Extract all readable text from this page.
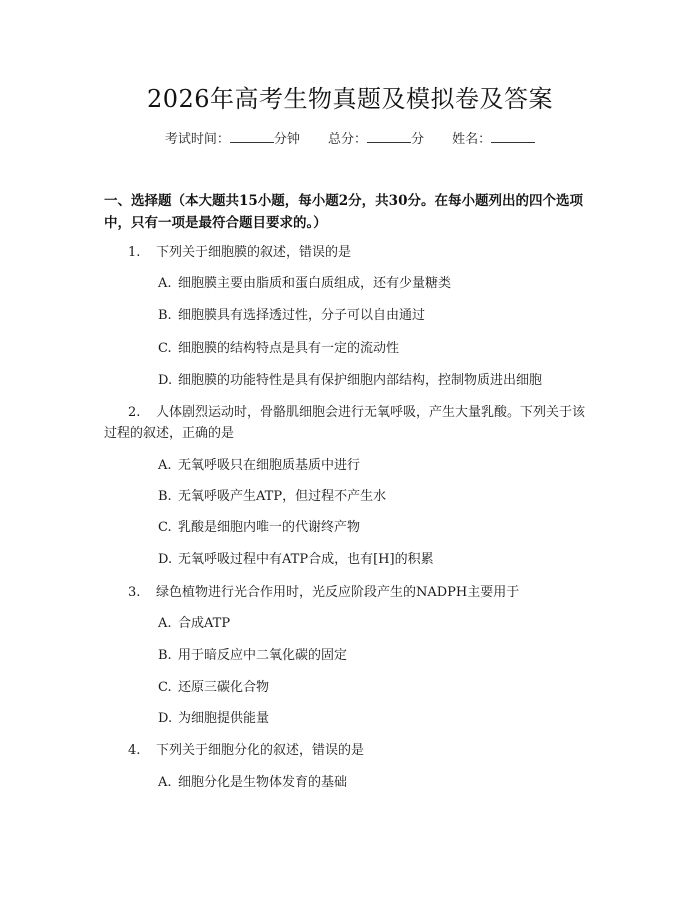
2026年高考生物真题及模拟卷及答案
考试时间：	分钟 总分：	分 姓名：
一、选择题（本大题共15小题，每小题2分，共30分。在每小题列出的四个选项中，只有一项是最符合题目要求的。）
1. 下列关于细胞膜的叙述，错误的是
A. 细胞膜主要由脂质和蛋白质组成，还有少量糖类
B. 细胞膜具有选择透过性，分子可以自由通过
C. 细胞膜的结构特点是具有一定的流动性
D. 细胞膜的功能特性是具有保护细胞内部结构，控制物质进出细胞
2. 人体剧烈运动时，骨骼肌细胞会进行无氧呼吸，产生大量乳酸。下列关于该过程的叙述，正确的是
A. 无氧呼吸只在细胞质基质中进行
B. 无氧呼吸产生ATP，但过程不产生水
C. 乳酸是细胞内唯一的代谢终产物
D. 无氧呼吸过程中有ATP合成，也有[H]的积累
3. 绿色植物进行光合作用时，光反应阶段产生的NADPH主要用于
A. 合成ATP
B. 用于暗反应中二氧化碳的固定
C. 还原三碳化合物
D. 为细胞提供能量
4. 下列关于细胞分化的叙述，错误的是
A. 细胞分化是生物体发育的基础
